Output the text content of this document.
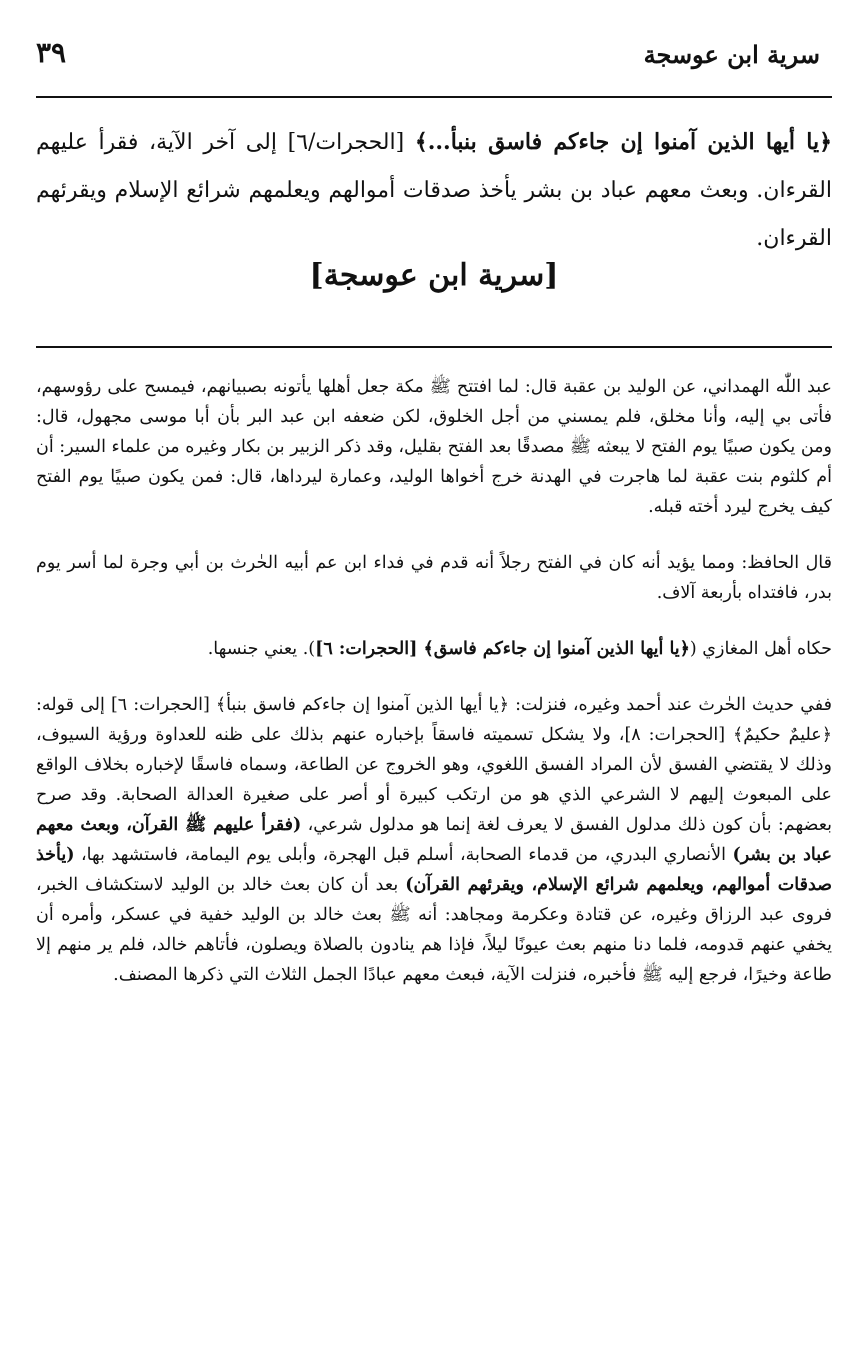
سرية ابن عوسجة
٣٩
﴿يا أيها الذين آمنوا إن جاءكم فاسق بنبأ...﴾ [الحجرات/٦] إلى آخر الآية، فقرأ عليهم القرءان. وبعث معهم عباد بن بشر يأخذ صدقات أموالهم ويعلمهم شرائع الإسلام ويقرئهم القرءان.
[سرية ابن عوسجة]

عبد اللّٰه الهمداني، عن الوليد بن عقبة قال: لما افتتح ﷺ مكة جعل أهلها يأتونه بصبيانهم، فيمسح على رؤوسهم، فأتى بي إليه، وأنا مخلق، فلم يمسني من أجل الخلوق، لكن ضعفه ابن عبد البر بأن أبا موسى مجهول، قال: ومن يكون صبيًا يوم الفتح لا يبعثه ﷺ مصدقًا بعد الفتح بقليل، وقد ذكر الزبير بن بكار وغيره من علماء السير: أن أم كلثوم بنت عقبة لما هاجرت في الهدنة خرج أخواها الوليد، وعمارة ليرداها، قال: فمن يكون صبيًا يوم الفتح كيف يخرج ليرد أخته قبله.

قال الحافظ: ومما يؤيد أنه كان في الفتح رجلاً أنه قدم في فداء ابن عم أبيه الحٰرث بن أبي وجرة لما أسر يوم بدر، فافتداه بأربعة آلاف.

حكاه أهل المغازي (﴿يا أيها الذين آمنوا إن جاءكم فاسق﴾ [الحجرات: ٦]). يعني جنسها.

ففي حديث الحٰرث عند أحمد وغيره، فنزلت: ﴿يا أيها الذين آمنوا إن جاءكم فاسق بنبأ﴾ [الحجرات: ٦] إلى قوله: ﴿عليمٌ حكيمٌ﴾ [الحجرات: ٨]، ولا يشكل تسميته فاسقاً بإخباره عنهم بذلك على ظنه للعداوة ورؤية السيوف، وذلك لا يقتضي الفسق لأن المراد الفسق اللغوي، وهو الخروج عن الطاعة، وسماه فاسقًا لإخباره بخلاف الواقع على المبعوث إليهم لا الشرعي الذي هو من ارتكب كبيرة أو أصر على صغيرة العدالة الصحابة. وقد صرح بعضهم: بأن كون ذلك مدلول الفسق لا يعرف لغة إنما هو مدلول شرعي، (فقرأ عليهم ﷺ القرآن، وبعث معهم عباد بن بشر) الأنصاري البدري، من قدماء الصحابة، أسلم قبل الهجرة، وأبلى يوم اليمامة، فاستشهد بها، (يأخذ صدقات أموالهم، ويعلمهم شرائع الإسلام، ويقرئهم القرآن) بعد أن كان بعث خالد بن الوليد لاستكشاف الخبر، فروى عبد الرزاق وغيره، عن قتادة وعكرمة ومجاهد: أنه ﷺ بعث خالد بن الوليد خفية في عسكر، وأمره أن يخفي عنهم قدومه، فلما دنا منهم بعث عيونًا ليلاً، فإذا هم ينادون بالصلاة ويصلون، فأتاهم خالد، فلم ير منهم إلا طاعة وخيرًا، فرجع إليه ﷺ فأخبره، فنزلت الآية، فبعث معهم عبادًا الجمل الثلاث التي ذكرها المصنف.
